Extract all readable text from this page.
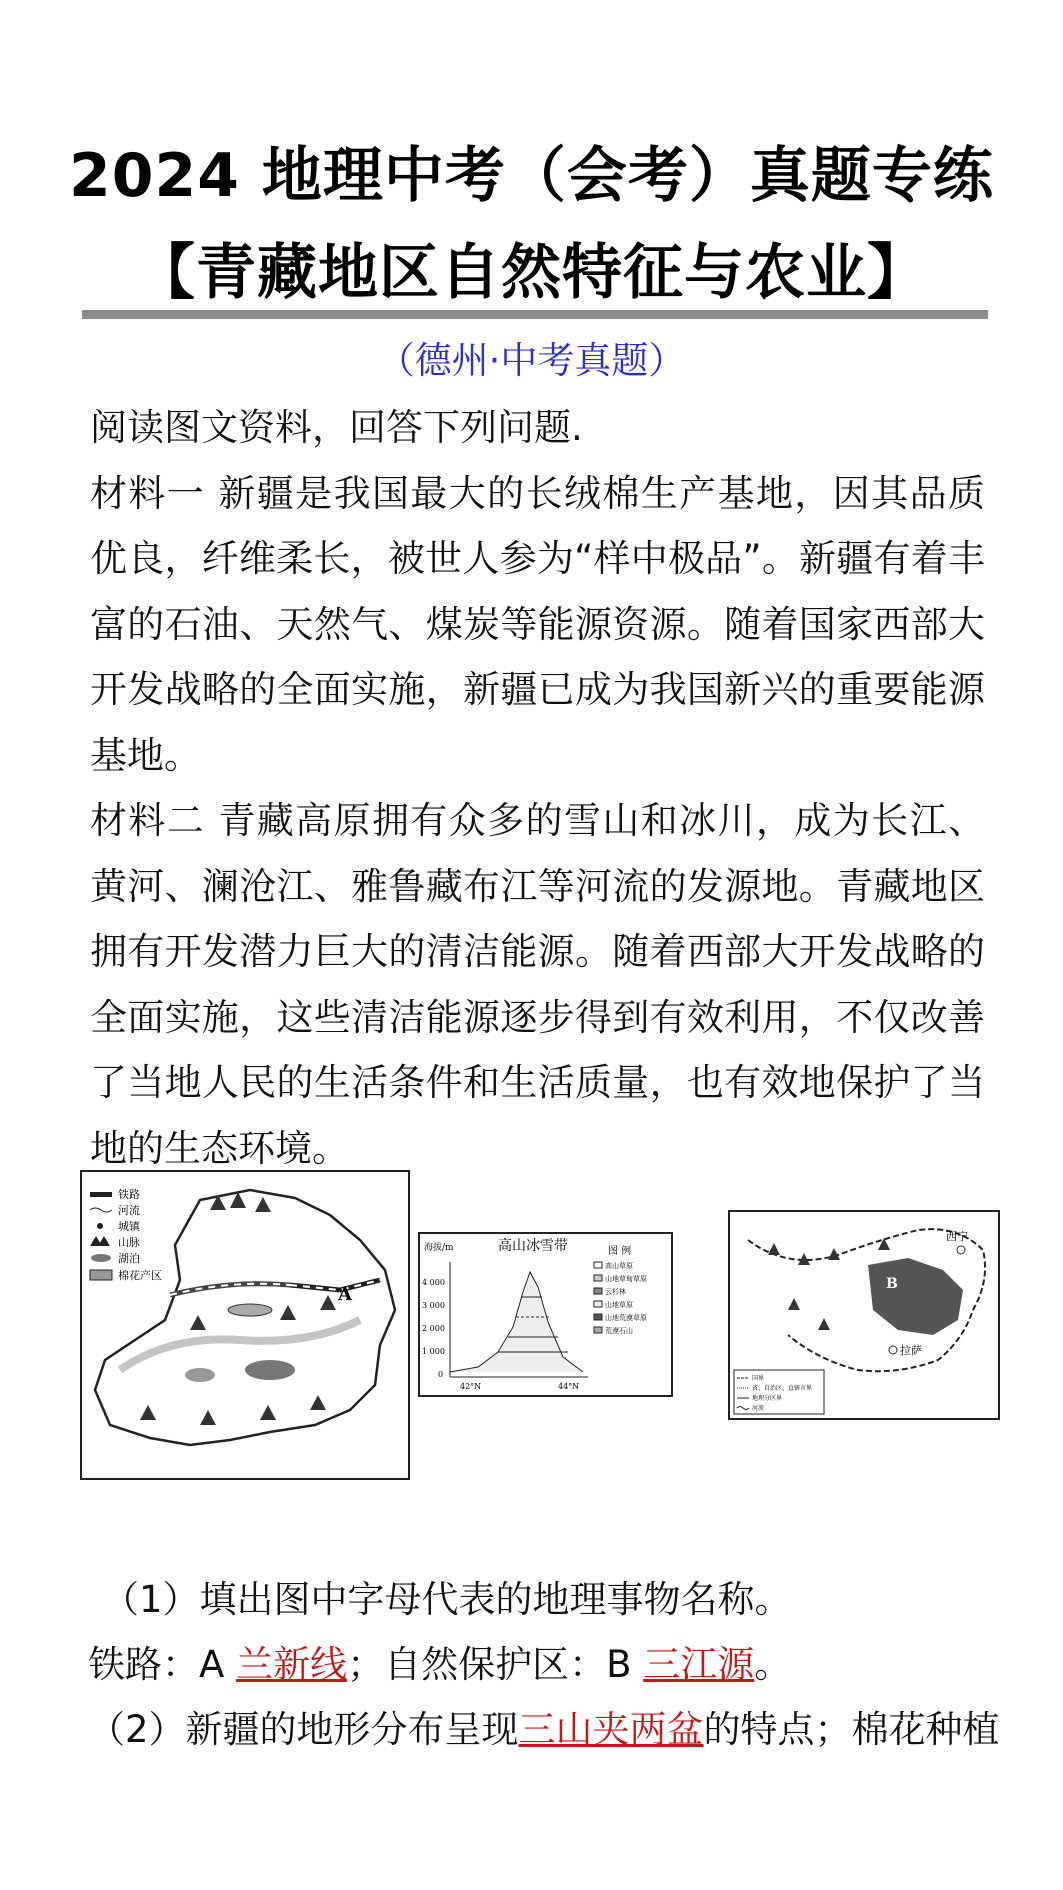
2024 地理中考（会考）真题专练
【青藏地区自然特征与农业】
（德州·中考真题）

阅读图文资料，回答下列问题.

材料一 新疆是我国最大的长绒棉生产基地，因其品质优良，纤维柔长，被世人参为“样中极品”。新疆有着丰富的石油、天然气、煤炭等能源资源。随着国家西部大开发战略的全面实施，新疆已成为我国新兴的重要能源基地。

材料二 青藏高原拥有众多的雪山和冰川，成为长江、黄河、澜沧江、雅鲁藏布江等河流的发源地。青藏地区拥有开发潜力巨大的清洁能源。随着西部大开发战略的全面实施，这些清洁能源逐步得到有效利用，不仅改善了当地人民的生活条件和生活质量，也有效地保护了当地的生态环境。

A
铁路
河流
城镇
山脉
湖泊
棉花产区
高山冰雪带
海拔/m
4 000
3 000
2 000
1 000
0
42°N	44°N
图 例
高山草原
山地草甸草原
云杉林
山地草原
山地荒漠草原
荒漠石山
西宁
拉萨
B
国界
省、自治区、直辖市界
地理分区界
河流

（1）填出图中字母代表的地理事物名称。

铁路：A 兰新线；自然保护区：B 三江源。

（2）新疆的地形分布呈现三山夹两盆的特点；棉花种植
